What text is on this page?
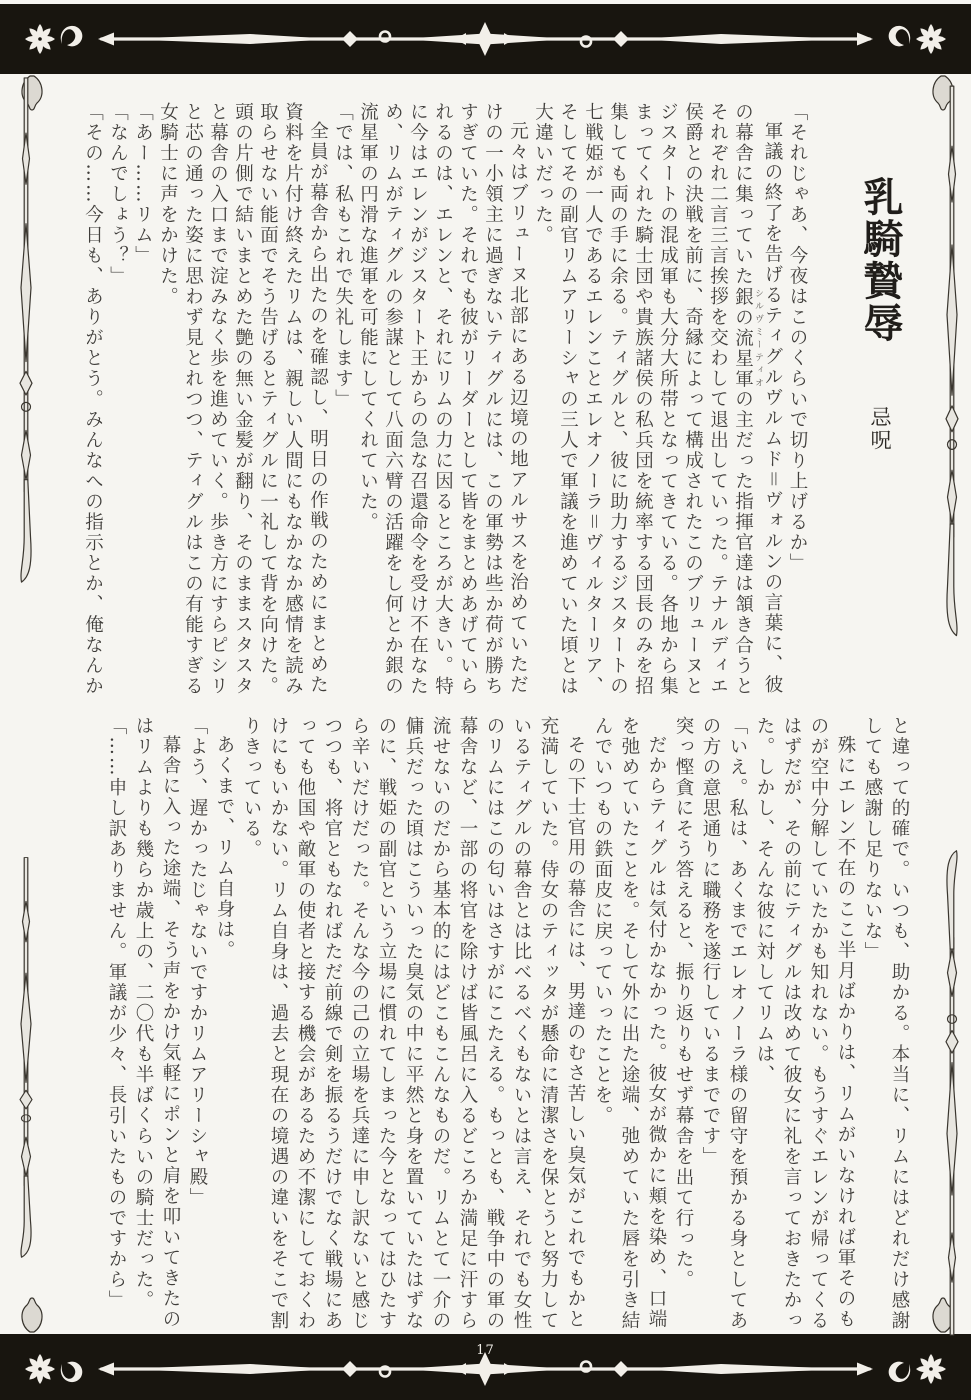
17
乳騎贄辱
忌呪

「それじゃあ、今夜はこのくらいで切り上げるか」

軍議の終了を告げるティグルヴルムド＝ヴォルンの言葉に、彼の幕舎に集っていた銀の流星軍 シルヴミーティオの主だった指揮官達は頷き合うとそれぞれ二言三言挨拶を交わして退出していった。テナルディエ侯爵との決戦を前に、奇縁によって構成されたこのブリューヌとジスタートの混成軍も大分大所帯となってきている。各地から集まってくれた騎士団や貴族諸侯の私兵団を統率する団長のみを招集しても両の手に余る。ティグルと、彼に助力するジスタートの七戦姫が一人であるエレンことエレオノーラ＝ヴィルターリア、そしてその副官リムアリーシャの三人で軍議を進めていた頃とは大違いだった。

元々はブリューヌ北部にある辺境の地アルサスを治めていただけの一小領主に過ぎないティグルには、この軍勢は些か荷が勝ちすぎていた。それでも彼がリーダーとして皆をまとめあげていられるのは、エレンと、それにリムの力に因るところが大きい。特に今はエレンがジスタート王からの急な召還命令を受け不在なため、リムがティグルの参謀として八面六臂の活躍をし何とか銀の流星軍の円滑な進軍を可能にしてくれていた。

「では、私もこれで失礼します」

全員が幕舎から出たのを確認し、明日の作戦のためにまとめた資料を片付け終えたリムは、親しい人間にもなかなか感情を読み取らせない能面でそう告げるとティグルに一礼して背を向けた。頭の片側で結いまとめた艶の無い金髪が翻り、そのままスタスタと幕舎の入口まで淀みなく歩を進めていく。歩き方にすらピシリと芯の通った姿に思わず見とれつつ、ティグルはこの有能すぎる女騎士に声をかけた。

「あー……リム」

「なんでしょう？」

「その……今日も、ありがとう。みんなへの指示とか、俺なんか

と違って的確で。いつも、助かる。本当に、リムにはどれだけ感謝しても感謝し足りないな」

殊にエレン不在のここ半月ばかりは、リムがいなければ軍そのものが空中分解していたかも知れない。もうすぐエレンが帰ってくるはずだが、その前にティグルは改めて彼女に礼を言っておきたかった。しかし、そんな彼に対してリムは、

「いえ。私は、あくまでエレオノーラ様の留守を預かる身としてあの方の意思通りに職務を遂行しているまでです」

突っ慳貪にそう答えると、振り返りもせず幕舎を出て行った。

だからティグルは気付かなかった。彼女が微かに頬を染め、口端を弛めていたことを。そして外に出た途端、弛めていた唇を引き結んでいつもの鉄面皮に戻っていったことを。

その下士官用の幕舎には、男達のむさ苦しい臭気がこれでもかと充満していた。侍女のティッタが懸命に清潔さを保とうと努力しているティグルの幕舎とは比べるべくもないとは言え、それでも女性のリムにはこの匂いはさすがにこたえる。もっとも、戦争中の軍の幕舎など、一部の将官を除けば皆風呂に入るどころか満足に汗すら流せないのだから基本的にはどこもこんなものだ。リムとて一介の傭兵だった頃はこういった臭気の中に平然と身を置いていたはずなのに、戦姫の副官という立場に慣れてしまった今となってはひたすら辛いだけだった。そんな今の己の立場を兵達に申し訳ないと感じつつも、将官ともなればただ前線で剣を振るうだけでなく戦場にあっても他国や敵軍の使者と接する機会があるため不潔にしておくわけにもいかない。リム自身は、過去と現在の境遇の違いをそこで割りきっている。

あくまで、リム自身は。

「よう、遅かったじゃないですかリムアリーシャ殿」

幕舎に入った途端、そう声をかけ気軽にポンと肩を叩いてきたのはリムよりも幾らか歳上の、二〇代も半ばくらいの騎士だった。

「……申し訳ありません。軍議が少々、長引いたものですから」
